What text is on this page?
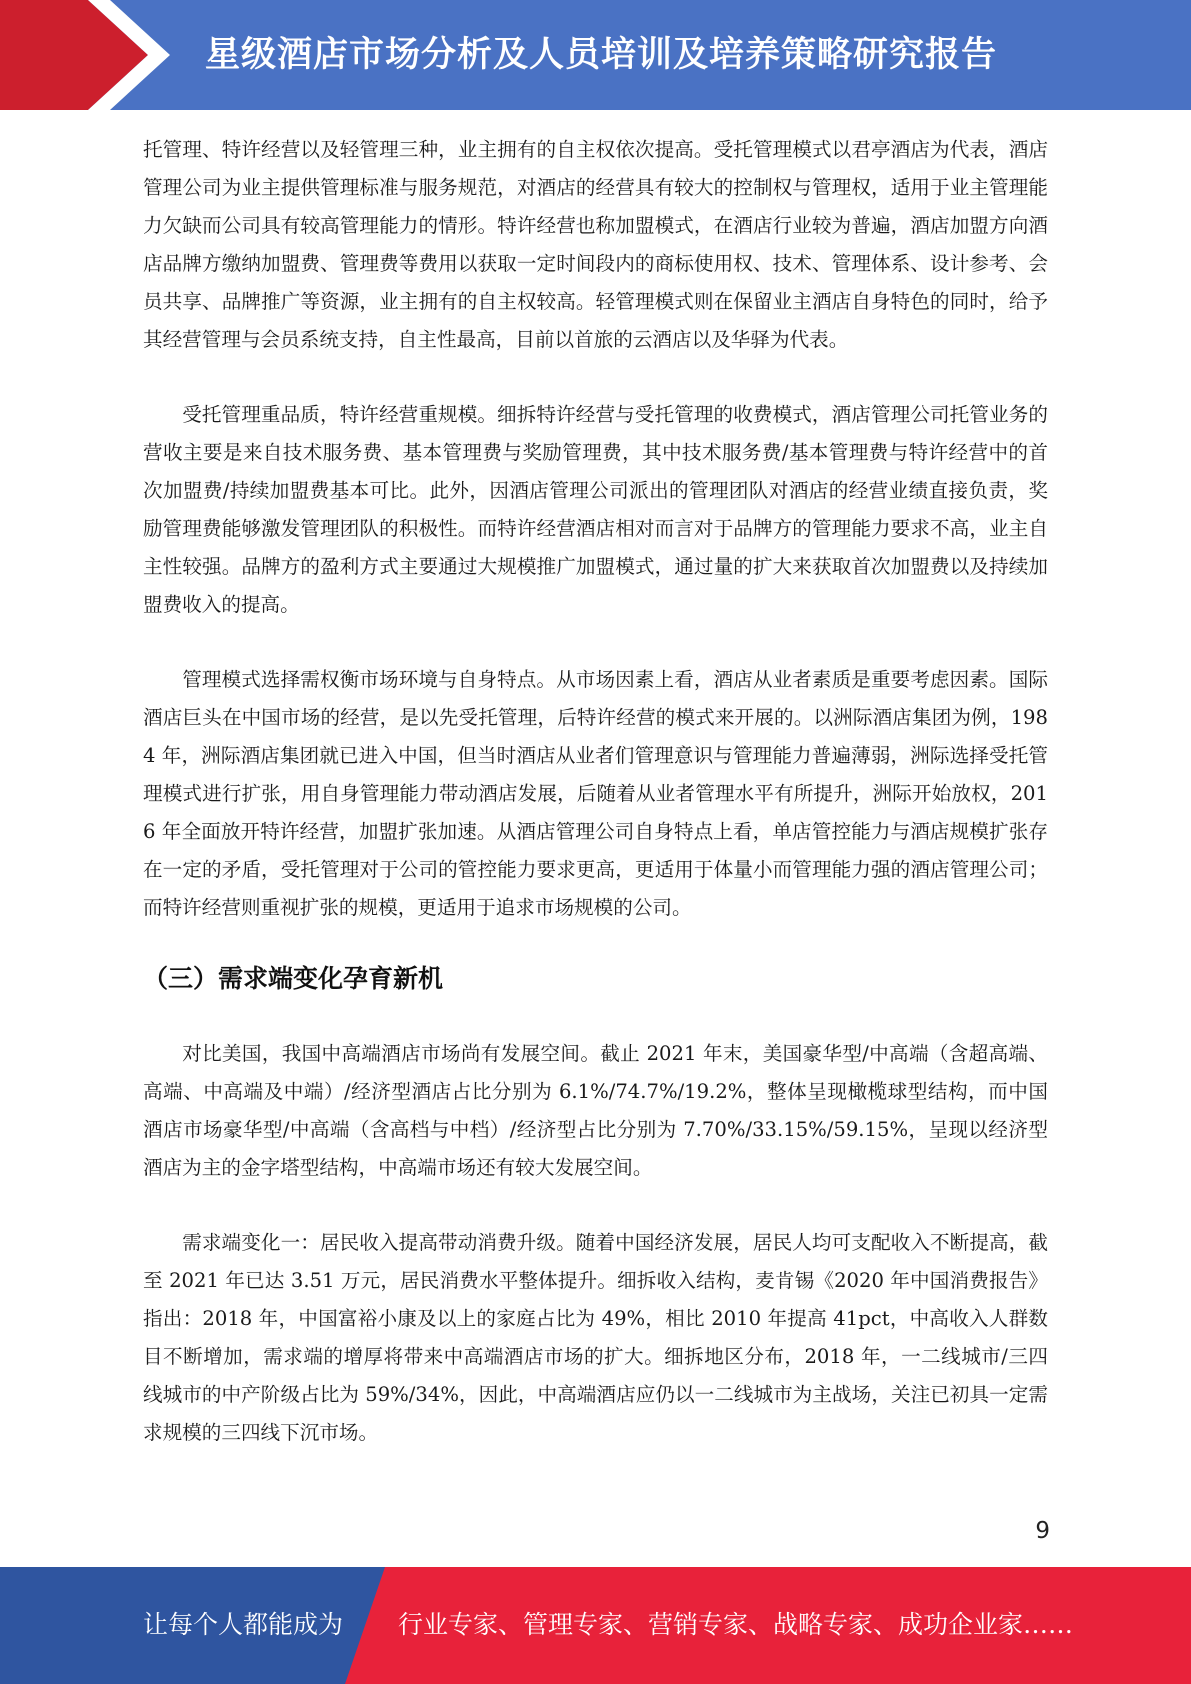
星级酒店市场分析及人员培训及培养策略研究报告

托管理、特许经营以及轻管理三种，业主拥有的自主权依次提高。受托管理模式以君亭酒店为代表，酒店管理公司为业主提供管理标准与服务规范，对酒店的经营具有较大的控制权与管理权，适用于业主管理能力欠缺而公司具有较高管理能力的情形。特许经营也称加盟模式，在酒店行业较为普遍，酒店加盟方向酒店品牌方缴纳加盟费、管理费等费用以获取一定时间段内的商标使用权、技术、管理体系、设计参考、会员共享、品牌推广等资源，业主拥有的自主权较高。轻管理模式则在保留业主酒店自身特色的同时，给予其经营管理与会员系统支持，自主性最高，目前以首旅的云酒店以及华驿为代表。

受托管理重品质，特许经营重规模。细拆特许经营与受托管理的收费模式，酒店管理公司托管业务的营收主要是来自技术服务费、基本管理费与奖励管理费，其中技术服务费/基本管理费与特许经营中的首次加盟费/持续加盟费基本可比。此外，因酒店管理公司派出的管理团队对酒店的经营业绩直接负责，奖励管理费能够激发管理团队的积极性。而特许经营酒店相对而言对于品牌方的管理能力要求不高，业主自主性较强。品牌方的盈利方式主要通过大规模推广加盟模式，通过量的扩大来获取首次加盟费以及持续加盟费收入的提高。

管理模式选择需权衡市场环境与自身特点。从市场因素上看，酒店从业者素质是重要考虑因素。国际酒店巨头在中国市场的经营，是以先受托管理，后特许经营的模式来开展的。以洲际酒店集团为例，1984 年，洲际酒店集团就已进入中国，但当时酒店从业者们管理意识与管理能力普遍薄弱，洲际选择受托管理模式进行扩张，用自身管理能力带动酒店发展，后随着从业者管理水平有所提升，洲际开始放权，2016 年全面放开特许经营，加盟扩张加速。从酒店管理公司自身特点上看，单店管控能力与酒店规模扩张存在一定的矛盾，受托管理对于公司的管控能力要求更高，更适用于体量小而管理能力强的酒店管理公司；而特许经营则重视扩张的规模，更适用于追求市场规模的公司。

（三）需求端变化孕育新机

对比美国，我国中高端酒店市场尚有发展空间。截止 2021 年末，美国豪华型/中高端（含超高端、高端、中高端及中端）/经济型酒店占比分别为 6.1%/74.7%/19.2%，整体呈现橄榄球型结构，而中国酒店市场豪华型/中高端（含高档与中档）/经济型占比分别为 7.70%/33.15%/59.15%，呈现以经济型酒店为主的金字塔型结构，中高端市场还有较大发展空间。

需求端变化一：居民收入提高带动消费升级。随着中国经济发展，居民人均可支配收入不断提高，截至 2021 年已达 3.51 万元，居民消费水平整体提升。细拆收入结构，麦肯锡《2020 年中国消费报告》指出：2018 年，中国富裕小康及以上的家庭占比为 49%，相比 2010 年提高 41pct，中高收入人群数目不断增加，需求端的增厚将带来中高端酒店市场的扩大。细拆地区分布，2018 年，一二线城市/三四线城市的中产阶级占比为 59%/34%，因此，中高端酒店应仍以一二线城市为主战场，关注已初具一定需求规模的三四线下沉市场。

9
让每个人都能成为 行业专家、管理专家、营销专家、战略专家、成功企业家……
